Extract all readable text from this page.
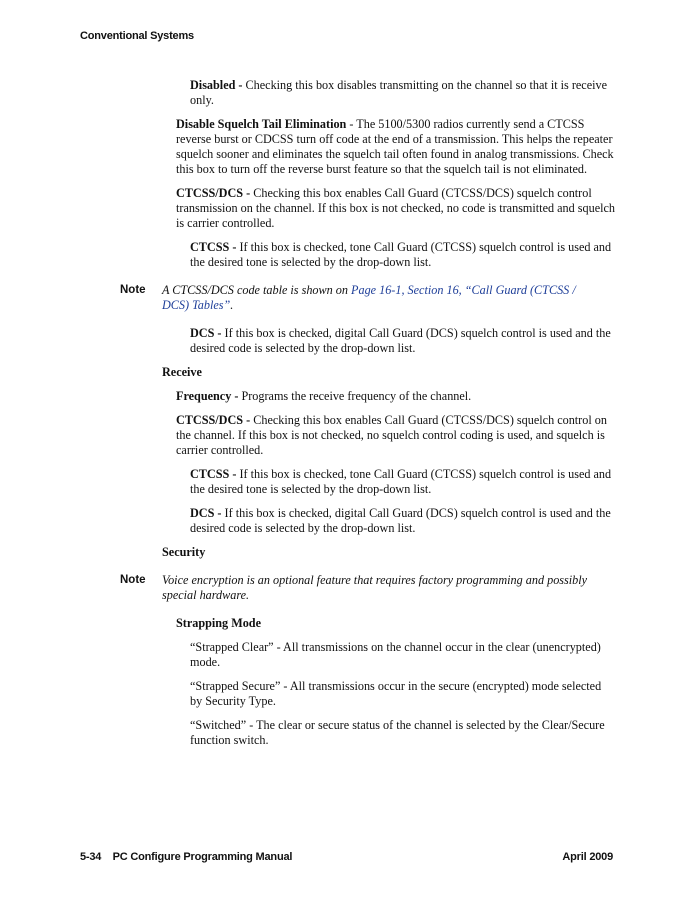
Conventional Systems

Disabled - Checking this box disables transmitting on the channel so that it is receive only.

Disable Squelch Tail Elimination - The 5100/5300 radios currently send a CTCSS reverse burst or CDCSS turn off code at the end of a transmission. This helps the repeater squelch sooner and eliminates the squelch tail often found in analog transmissions. Check this box to turn off the reverse burst feature so that the squelch tail is not eliminated.

CTCSS/DCS - Checking this box enables Call Guard (CTCSS/DCS) squelch control transmission on the channel. If this box is not checked, no code is transmitted and squelch is carrier controlled.

CTCSS - If this box is checked, tone Call Guard (CTCSS) squelch control is used and the desired tone is selected by the drop-down list.

Note A CTCSS/DCS code table is shown on Page 16-1, Section 16, “Call Guard (CTCSS / DCS) Tables”.

DCS - If this box is checked, digital Call Guard (DCS) squelch control is used and the desired code is selected by the drop-down list.

Receive

Frequency - Programs the receive frequency of the channel.

CTCSS/DCS - Checking this box enables Call Guard (CTCSS/DCS) squelch control on the channel. If this box is not checked, no squelch control coding is used, and squelch is carrier controlled.

CTCSS - If this box is checked, tone Call Guard (CTCSS) squelch control is used and the desired tone is selected by the drop-down list.

DCS - If this box is checked, digital Call Guard (DCS) squelch control is used and the desired code is selected by the drop-down list.

Security

Note Voice encryption is an optional feature that requires factory programming and possibly special hardware.

Strapping Mode

“Strapped Clear” - All transmissions on the channel occur in the clear (unencrypted) mode.

“Strapped Secure” - All transmissions occur in the secure (encrypted) mode selected by Security Type.

“Switched” - The clear or secure status of the channel is selected by the Clear/Secure function switch.

5-34    PC Configure Programming Manual	April 2009
